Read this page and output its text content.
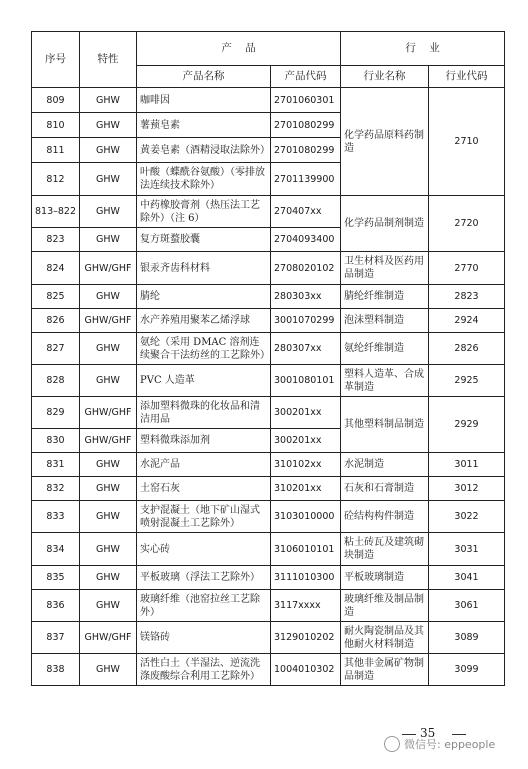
序号	特性	产    品		行    业	
		产品名称	产品代码	行业名称	行业代码
809	GHW	咖啡因	2701060301	化学药品原料药制造	2710
810	GHW	薯蓣皂素	2701080299		
811	GHW	黄姜皂素（酒精浸取法除外）	2701080299		
812	GHW	叶酸（蝶酰谷氨酸）（零排放法连续技术除外）	2701139900		
813–822	GHW	中药橡胶膏剂（热压法工艺除外）（注 6）	270407xx	化学药品制剂制造	2720
823	GHW	复方斑蝥胶囊	2704093400		
824	GHW/GHF	银汞齐齿科材料	2708020102	卫生材料及医药用品制造	2770
825	GHW	腈纶	280303xx	腈纶纤维制造	2823
826	GHW/GHF	水产养殖用聚苯乙烯浮球	3001070299	泡沫塑料制造	2924
827	GHW	氨纶（采用 DMAC 溶剂连续聚合干法纺丝的工艺除外）	280307xx	氨纶纤维制造	2826
828	GHW	PVC 人造革	3001080101	塑料人造革、合成革制造	2925
829	GHW/GHF	添加塑料微珠的化妆品和清洁用品	300201xx	其他塑料制品制造	2929
830	GHW/GHF	塑料微珠添加剂	300201xx		
831	GHW	水泥产品	310102xx	水泥制造	3011
832	GHW	土窑石灰	310201xx	石灰和石膏制造	3012
833	GHW	支护混凝土（地下矿山湿式喷射混凝土工艺除外）	3103010000	砼结构构件制造	3022
834	GHW	实心砖	3106010101	粘土砖瓦及建筑砌块制造	3031
835	GHW	平板玻璃（浮法工艺除外）	3111010300	平板玻璃制造	3041
836	GHW	玻璃纤维（池窑拉丝工艺除外）	3117xxxx	玻璃纤维及制品制造	3061
837	GHW/GHF	镁铬砖	3129010202	耐火陶瓷制品及其他耐火材料制造	3089
838	GHW	活性白土（半湿法、逆流洗涤废酸综合利用工艺除外）	1004010302	其他非金属矿物制品制造	3099
35
微信号: eppeople
